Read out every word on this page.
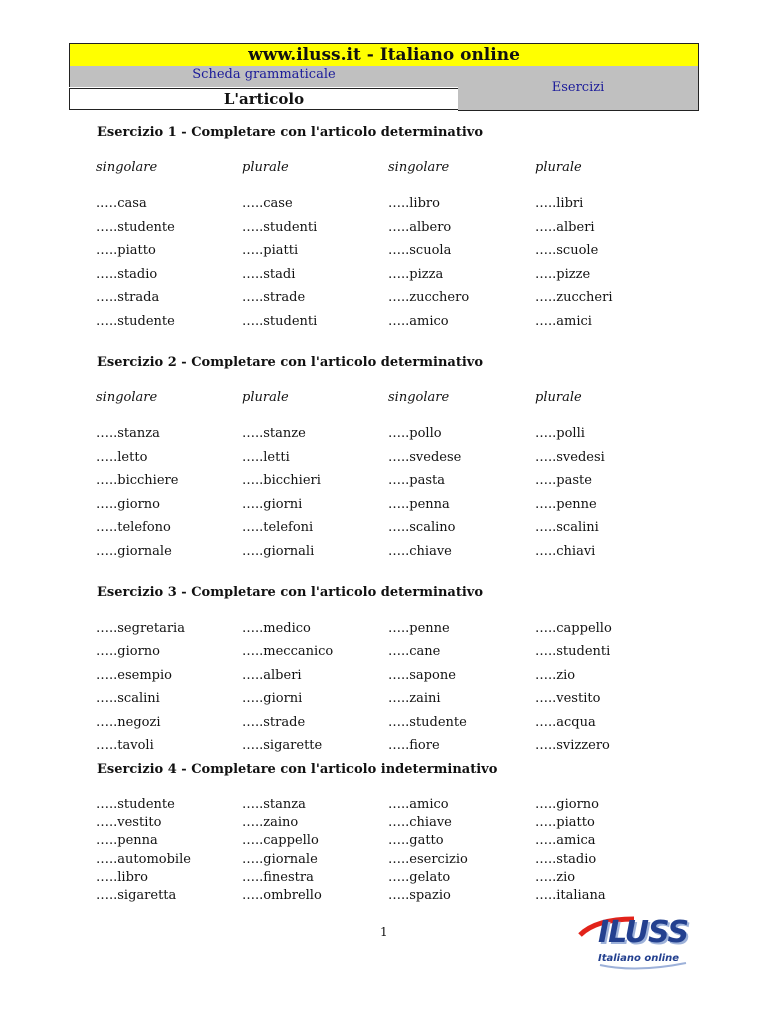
www.iluss.it - Italiano online
Scheda grammaticale
L'articolo
Esercizi
Esercizio 1 - Completare con l'articolo determinativo
singolare	plurale	singolare	plurale
..…casa	…..case	…..libro	…..libri
…..studente	…..studenti	…..albero	…..alberi
…..piatto	…..piatti	…..scuola	…..scuole
…..stadio	…..stadi	…..pizza	…..pizze
…..strada	…..strade	…..zucchero	…..zuccheri
…..studente	…..studenti	…..amico	…..amici
Esercizio 2 - Completare con l'articolo determinativo
singolare	plurale	singolare	plurale
…..stanza	…..stanze	…..pollo	…..polli
…..letto	…..letti	…..svedese	…..svedesi
…..bicchiere	…..bicchieri	…..pasta	…..paste
…..giorno	…..giorni	…..penna	…..penne
…..telefono	…..telefoni	…..scalino	…..scalini
…..giornale	…..giornali	…..chiave	…..chiavi
Esercizio 3 - Completare con l'articolo determinativo
…..segretaria	…..medico	…..penne	…..cappello
…..giorno	…..meccanico	…..cane	…..studenti
…..esempio	…..alberi	…..sapone	…..zio
…..scalini	…..giorni	…..zaini	…..vestito
…..negozi	…..strade	…..studente	…..acqua
…..tavoli	…..sigarette	…..fiore	…..svizzero
Esercizio 4 - Completare con l'articolo indeterminativo
…..studente	…..stanza	…..amico	…..giorno
…..vestito	…..zaino	…..chiave	…..piatto
…..penna	…..cappello	…..gatto	…..amica
…..automobile	…..giornale	…..esercizio	…..stadio
…..libro	…..finestra	…..gelato	…..zio
…..sigaretta	…..ombrello	…..spazio	…..italiana
1	ILUSS
Italiano online
